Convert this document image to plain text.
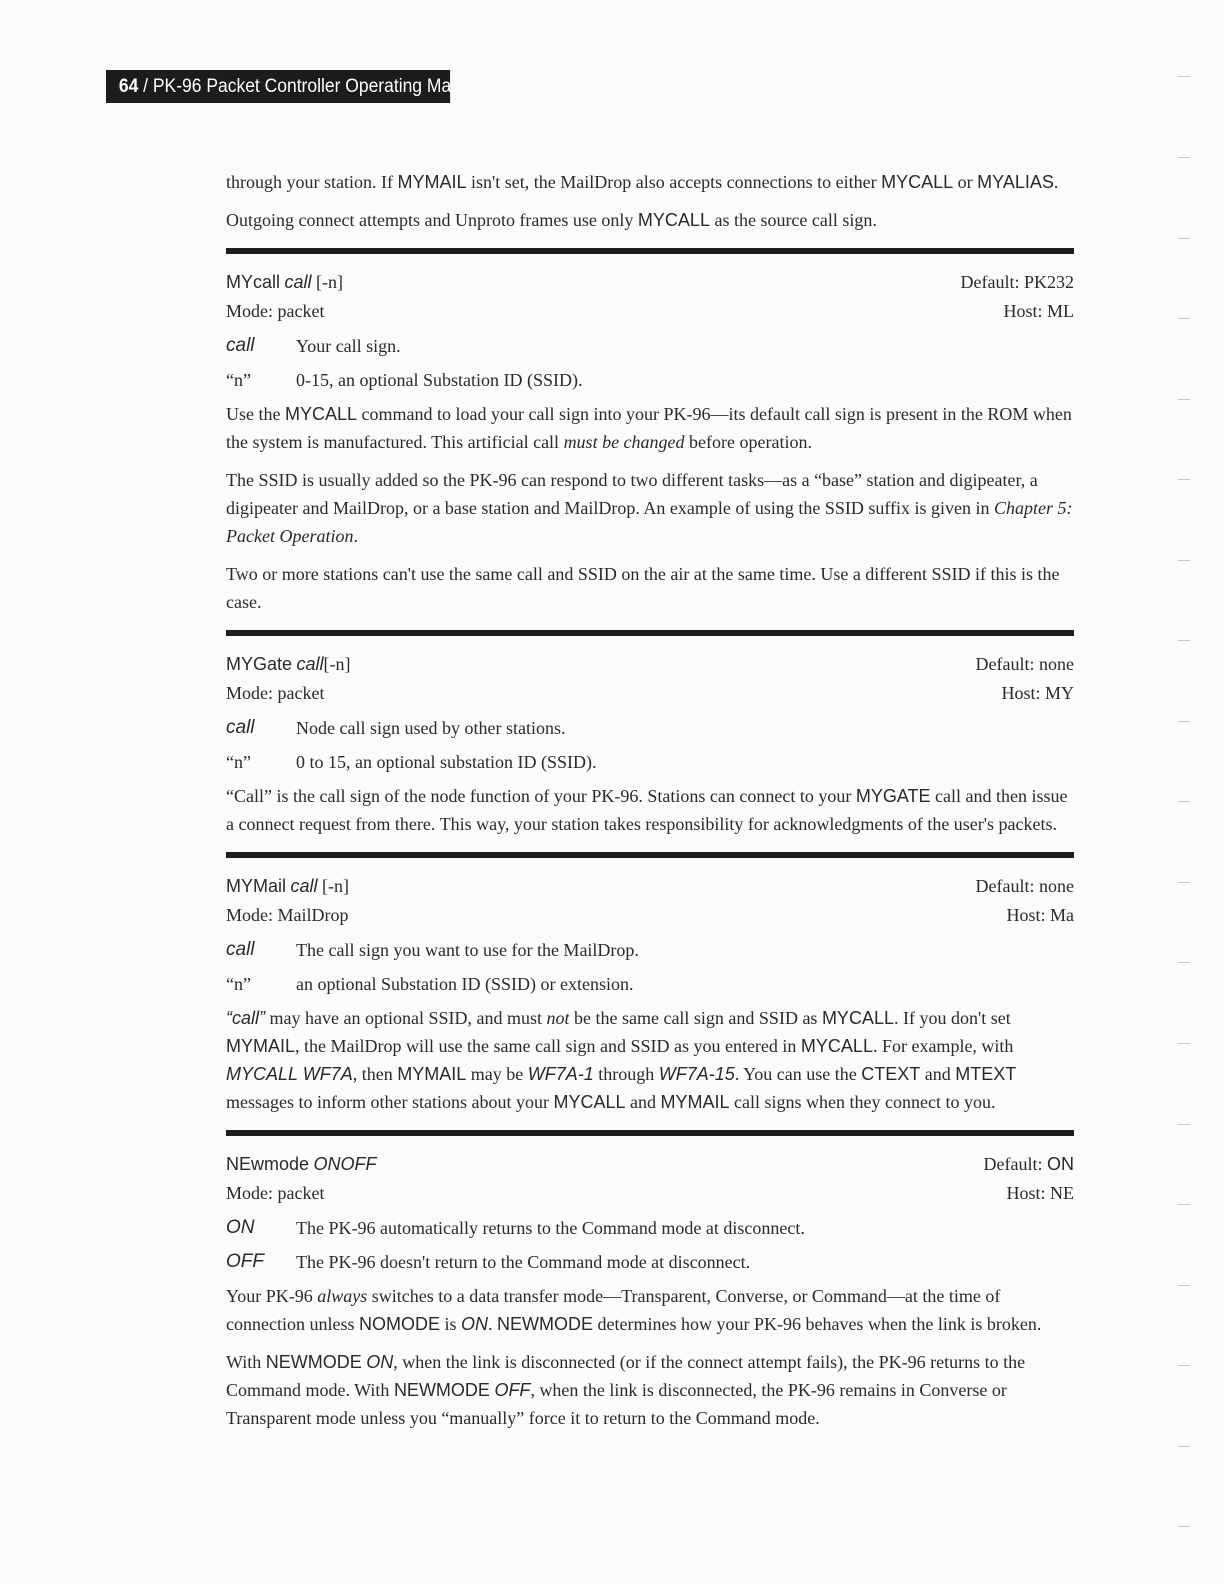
64 / PK-96 Packet Controller Operating Manual

through your station. If MYMAIL isn't set, the MailDrop also accepts connections to either MYCALL or MYALIAS.

Outgoing connect attempts and Unproto frames use only MYCALL as the source call sign.

MYcall call [-n]	Default: PK232
Mode: packet	Host: ML
call	Your call sign.
“n”	0-15, an optional Substation ID (SSID).

Use the MYCALL command to load your call sign into your PK-96—its default call sign is present in the ROM when the system is manufactured. This artificial call must be changed before operation.

The SSID is usually added so the PK-96 can respond to two different tasks—as a “base” station and digipeater, a digipeater and MailDrop, or a base station and MailDrop. An example of using the SSID suffix is given in Chapter 5: Packet Operation.

Two or more stations can't use the same call and SSID on the air at the same time. Use a different SSID if this is the case.

MYGate call[-n]	Default: none
Mode: packet	Host: MY
call	Node call sign used by other stations.
“n”	0 to 15, an optional substation ID (SSID).

“Call” is the call sign of the node function of your PK-96. Stations can connect to your MYGATE call and then issue a connect request from there. This way, your station takes responsibility for acknowledgments of the user's packets.

MYMail call [-n]	Default: none
Mode: MailDrop	Host: Ma
call	The call sign you want to use for the MailDrop.
“n”	an optional Substation ID (SSID) or extension.

“call” may have an optional SSID, and must not be the same call sign and SSID as MYCALL. If you don't set MYMAIL, the MailDrop will use the same call sign and SSID as you entered in MYCALL. For example, with MYCALL WF7A, then MYMAIL may be WF7A-1 through WF7A-15. You can use the CTEXT and MTEXT messages to inform other stations about your MYCALL and MYMAIL call signs when they connect to you.

NEwmode ONOFF	Default: ON
Mode: packet	Host: NE
ON	The PK-96 automatically returns to the Command mode at disconnect.
OFF	The PK-96 doesn't return to the Command mode at disconnect.

Your PK-96 always switches to a data transfer mode—Transparent, Converse, or Command—at the time of connection unless NOMODE is ON. NEWMODE determines how your PK-96 behaves when the link is broken.

With NEWMODE ON, when the link is disconnected (or if the connect attempt fails), the PK-96 returns to the Command mode. With NEWMODE OFF, when the link is disconnected, the PK-96 remains in Converse or Transparent mode unless you “manually” force it to return to the Command mode.
